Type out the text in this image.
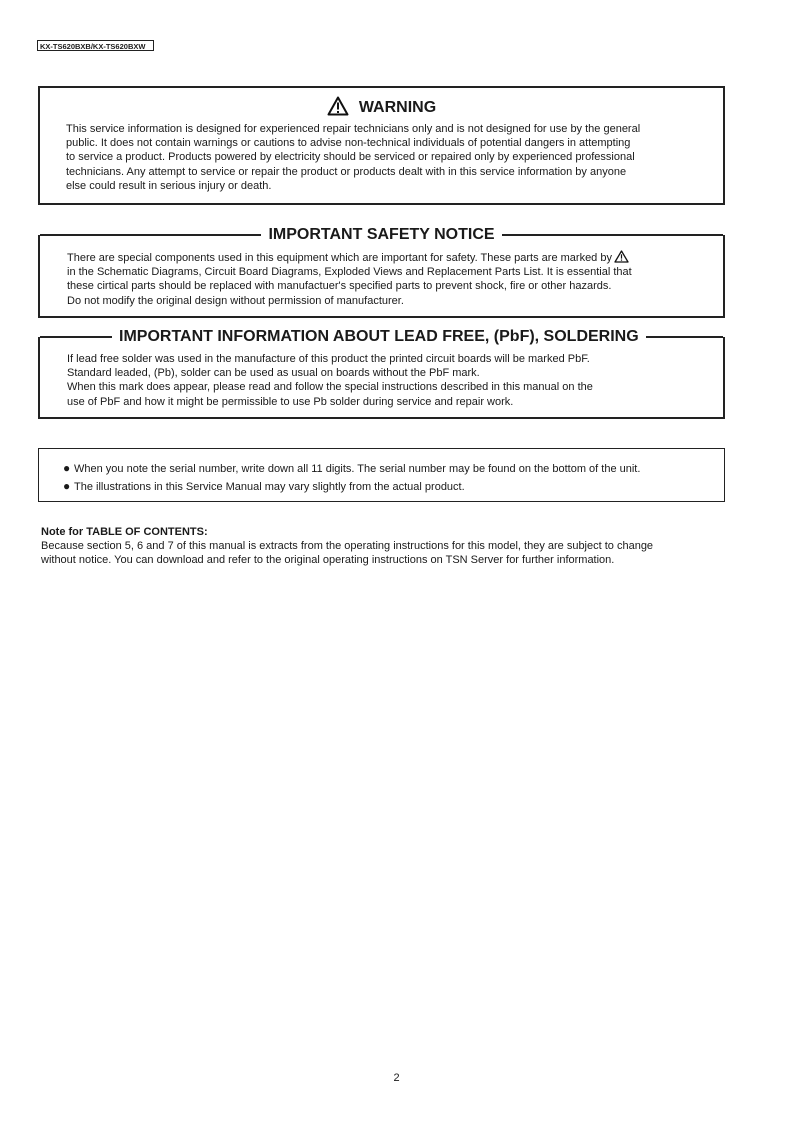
KX-TS620BXB/KX-TS620BXW
WARNING
This service information is designed for experienced repair technicians only and is not designed for use by the general
public. It does not contain warnings or cautions to advise non-technical individuals of potential dangers in attempting
to service a product. Products powered by electricity should be serviced or repaired only by experienced professional
technicians. Any attempt to service or repair the product or products dealt with in this service information by anyone
else could result in serious injury or death.
IMPORTANT SAFETY NOTICE
There are special components used in this equipment which are important for safety. These parts are marked by
in the Schematic Diagrams, Circuit Board Diagrams, Exploded Views and Replacement Parts List. It is essential that
these cirtical parts should be replaced with manufactuer's specified parts to prevent shock, fire or other hazards.
Do not modify the original design without permission of manufacturer.
IMPORTANT INFORMATION ABOUT LEAD FREE, (PbF), SOLDERING
If lead free solder was used in the manufacture of this product the printed circuit boards will be marked PbF.
Standard leaded, (Pb), solder can be used as usual on boards without the PbF mark.
When this mark does appear, please read and follow the special instructions described in this manual on the
use of PbF and how it might be permissible to use Pb solder during service and repair work.
● When you note the serial number, write down all 11 digits. The serial number may be found on the bottom of the unit.
● The illustrations in this Service Manual may vary slightly from the actual product.
Note for TABLE OF CONTENTS:
Because section 5, 6 and 7 of this manual is extracts from the operating instructions for this model, they are subject to change
without notice. You can download and refer to the original operating instructions on TSN Server for further information.
2
